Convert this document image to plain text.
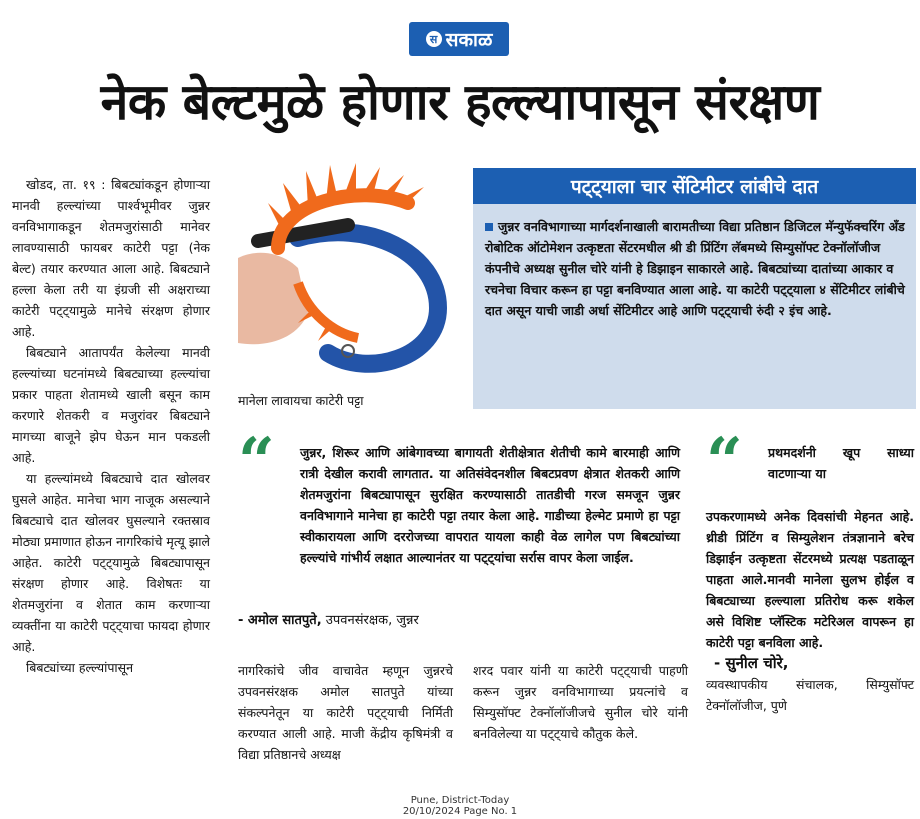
स सकाळ
नेक बेल्टमुळे होणार हल्ल्यापासून संरक्षण

खोडद, ता. १९ : बिबट्यांकडून होणाऱ्या मानवी हल्ल्यांच्या पार्श्वभूमीवर जुन्नर वनविभागाकडून शेतमजुरांसाठी मानेवर लावण्यासाठी फायबर काटेरी पट्टा (नेक बेल्ट) तयार करण्यात आला आहे. बिबट्याने हल्ला केला तरी या इंग्रजी सी अक्षराच्या काटेरी पट्ट्यामुळे मानेचे संरक्षण होणार आहे.

बिबट्याने आतापर्यंत केलेल्या मानवी हल्ल्यांच्या घटनांमध्ये बिबट्याच्या हल्ल्यांचा प्रकार पाहता शेतामध्ये खाली बसून काम करणारे शेतकरी व मजुरांवर बिबट्याने मागच्या बाजूने झेप घेऊन मान पकडली आहे.

या हल्ल्यांमध्ये बिबट्याचे दात खोलवर घुसले आहेत. मानेचा भाग नाजूक असल्याने बिबट्याचे दात खोलवर घुसल्याने रक्तस्राव मोठ्या प्रमाणात होऊन नागरिकांचे मृत्यू झाले आहेत. काटेरी पट्ट्यामुळे बिबट्यापासून संरक्षण होणार आहे. विशेषतः या शेतमजुरांना व शेतात काम करणाऱ्या व्यक्तींना या काटेरी पट्ट्याचा फायदा होणार आहे.

बिबट्यांच्या हल्ल्यांपासून

मानेला लावायचा काटेरी पट्टा
पट्ट्याला चार सेंटिमीटर लांबीचे दात
जुन्नर वनविभागाच्या मार्गदर्शनाखाली बारामतीच्या विद्या प्रतिष्ठान डिजिटल मॅन्युफॅक्चरिंग अँड रोबोटिक ऑटोमेशन उत्कृष्टता सेंटरमधील श्री डी प्रिंटिंग लॅबमध्ये सिम्युसॉफ्ट टेक्नॉलॉजीज कंपनीचे अध्यक्ष सुनील चोरे यांनी हे डिझाइन साकारले आहे. बिबट्यांच्या दातांच्या आकार व रचनेचा विचार करून हा पट्टा बनविण्यात आला आहे. या काटेरी पट्ट्याला ४ सेंटिमीटर लांबीचे दात असून याची जाडी अर्धा सेंटिमीटर आहे आणि पट्ट्याची रुंदी २ इंच आहे.
“ जुन्नर, शिरूर आणि आंबेगावच्या बागायती शेतीक्षेत्रात शेतीची कामे बारमाही आणि रात्री देखील करावी लागतात. या अतिसंवेदनशील बिबटप्रवण क्षेत्रात शेतकरी आणि शेतमजुरांना बिबट्यापासून सुरक्षित करण्यासाठी तातडीची गरज समजून जुन्नर वनविभागाने मानेचा हा काटेरी पट्टा तयार केला आहे. गाडीच्या हेल्मेट प्रमाणे हा पट्टा स्वीकारायला आणि दररोजच्या वापरात यायला काही वेळ लागेल पण बिबट्यांच्या हल्ल्यांचे गांभीर्य लक्षात आल्यानंतर या पट्ट्यांचा सर्रास वापर केला जाईल.
- अमोल सातपुते, उपवनसंरक्षक, जुन्नर
नागरिकांचे जीव वाचावेत म्हणून जुन्नरचे उपवनसंरक्षक अमोल सातपुते यांच्या संकल्पनेतून या काटेरी पट्ट्याची निर्मिती करण्यात आली आहे. माजी केंद्रीय कृषिमंत्री व विद्या प्रतिष्ठानचे अध्यक्ष
शरद पवार यांनी या काटेरी पट्ट्याची पाहणी करून जुन्नर वनविभागाच्या प्रयत्नांचे व सिम्युसॉफ्ट टेक्नॉलॉजीजचे सुनील चोरे यांनी बनविलेल्या या पट्ट्याचे कौतुक केले.
“ प्रथमदर्शनी खूप साध्या वाटणाऱ्या या

उपकरणामध्ये अनेक दिवसांची मेहनत आहे. थ्रीडी प्रिंटिंग व सिम्युलेशन तंत्रज्ञानाने बरेच डिझाईन उत्कृष्टता सेंटरमध्ये प्रत्यक्ष पडताळून पाहता आले.मानवी मानेला सुलभ होईल व बिबट्याच्या हल्ल्याला प्रतिरोध करू शकेल असे विशिष्ट प्लॅस्टिक मटेरिअल वापरून हा काटेरी पट्टा बनविला आहे.

- सुनील चोरे,

व्यवस्थापकीय संचालक, सिम्युसॉफ्ट टेक्नॉलॉजीज, पुणे

Pune, District-Today
20/10/2024 Page No. 1
